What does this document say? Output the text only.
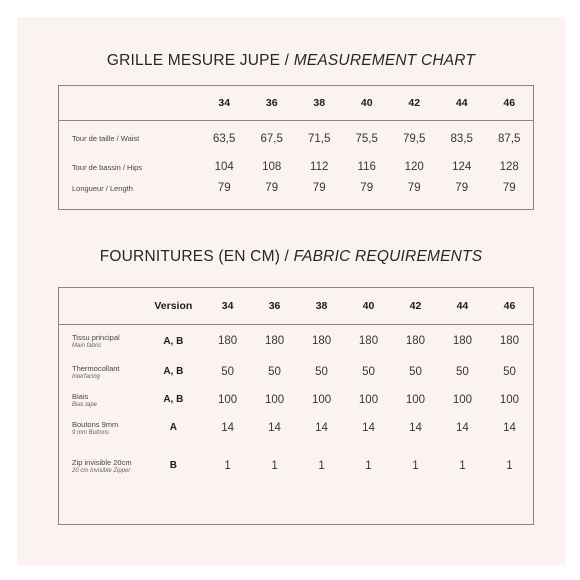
GRILLE MESURE JUPE / MEASUREMENT CHART
	34	36	38	40	42	44	46

Tour de taille / Waist	63,5	67,5	71,5	75,5	79,5	83,5	87,5
Tour de bassin / Hips	104	108	112	116	120	124	128
Longueur / Length	79	79	79	79	79	79	79
FOURNITURES (EN CM) / FABRIC REQUIREMENTS
	Version	34	36	38	40	42	44	46

Tissu principal
Main fabric	A, B	180	180	180	180	180	180	180

Thermocollant
Interfacing	A, B	50	50	50	50	50	50	50

Biais
Bias tape	A, B	100	100	100	100	100	100	100

Boutons 9mm
9 mm Buttons	A	14	14	14	14	14	14	14

Zip invisible 20cm
20 cm Invisible Zipper	B	1	1	1	1	1	1	1
